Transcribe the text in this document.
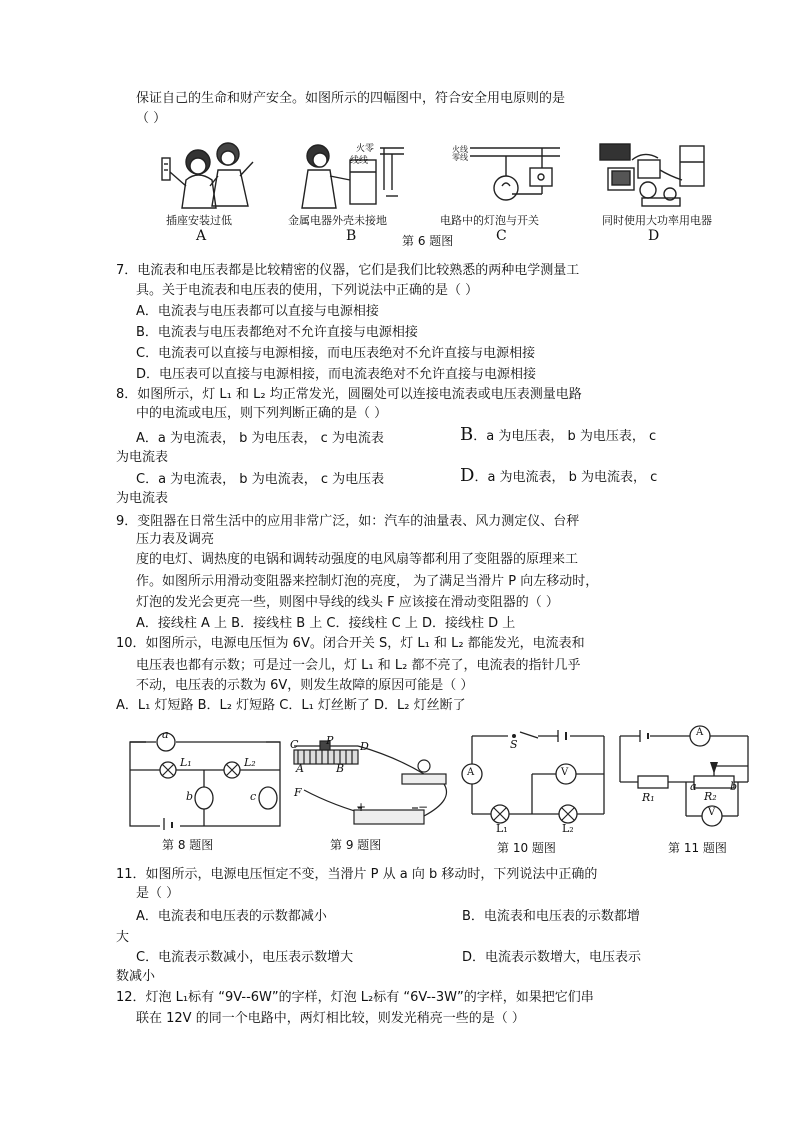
保证自己的生命和财产安全。如图所示的四幅图中，符合安全用电原则的是
（ ）
插座安装过低
A
火零
线线
金属电器外壳未接地
B
火线
零线
电路中的灯泡与开关
C
同时使用大功率用电器
D
第 6 题图
7．电流表和电压表都是比较精密的仪器，它们是我们比较熟悉的两种电学测量工
具。关于电流表和电压表的使用，下列说法中正确的是（ ）
A．电流表与电压表都可以直接与电源相接
B．电流表与电压表都绝对不允许直接与电源相接
C．电流表可以直接与电源相接，而电压表绝对不允许直接与电源相接
D．电压表可以直接与电源相接，而电流表绝对不允许直接与电源相接
8．如图所示，灯 L₁ 和 L₂ 均正常发光，圆圈处可以连接电流表或电压表测量电路
中的电流或电压，则下列判断正确的是（ ）
A．a 为电流表， b 为电压表， c 为电流表	B．a 为电压表， b 为电压表， c
为电流表
C．a 为电流表， b 为电流表， c 为电压表	D．a 为电流表， b 为电流表， c
为电流表
9．变阻器在日常生活中的应用非常广泛，如：汽车的油量表、风力测定仪、台秤
压力表及调亮
度的电灯、调热度的电锅和调转动强度的电风扇等都利用了变阻器的原理来工
作。如图所示用滑动变阻器来控制灯泡的亮度， 为了满足当滑片 P 向左移动时，
灯泡的发光会更亮一些，则图中导线的线头 F 应该接在滑动变阻器的（ ）
A．接线柱 A 上 B．接线柱 B 上 C．接线柱 C 上 D．接线柱 D 上
10．如图所示，电源电压恒为 6V。闭合开关 S，灯 L₁ 和 L₂ 都能发光，电流表和
电压表也都有示数；可是过一会儿，灯 L₁ 和 L₂ 都不亮了，电流表的指针几乎
不动，电压表的示数为 6V，则发生故障的原因可能是（ ）
A．L₁ 灯短路 B．L₂ 灯短路 C．L₁ 灯丝断了 D．L₂ 灯丝断了
a
L₁	L₂
b	c
第 8 题图
C	P D
A	B
F
+	−
第 9 题图
S
A	V
L₁	L₂
第 10 题图
A
V
R₁	R₂
a	b
第 11 题图
11．如图所示，电源电压恒定不变，当滑片 P 从 a 向 b 移动时，下列说法中正确的
是（ ）
A．电流表和电压表的示数都减小	B．电流表和电压表的示数都增
大
C．电流表示数减小，电压表示数增大	D．电流表示数增大，电压表示
数减小
12．灯泡 L₁标有 “9V--6W”的字样，灯泡 L₂标有 “6V--3W”的字样，如果把它们串
联在 12V 的同一个电路中，两灯相比较，则发光稍亮一些的是（ ）
